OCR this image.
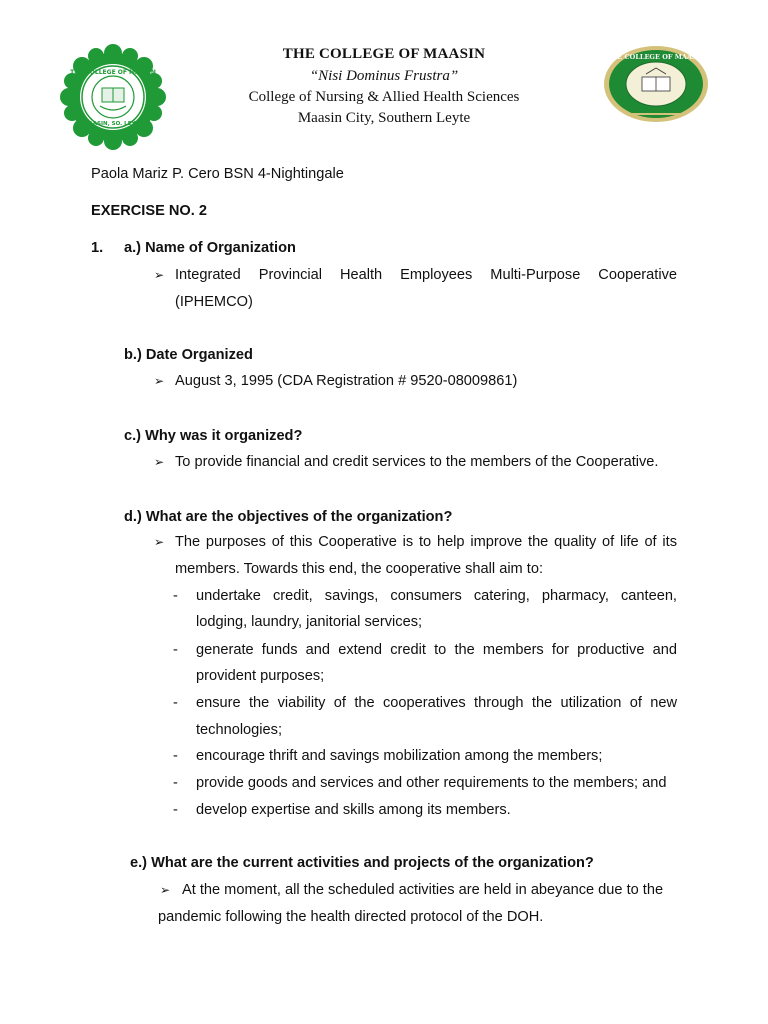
THE COLLEGE OF MAASIN
MAASIN, SO. LEYTE
THE COLLEGE OF MAASIN
“Nisi Dominus Frustra”
College of Nursing & Allied Health Sciences
Maasin City, Southern Leyte
THE COLLEGE OF MAASIN
Paola Mariz P. Cero BSN 4-Nightingale
EXERCISE NO. 2
1. a.) Name of Organization
➢ Integrated Provincial Health Employees Multi-Purpose Cooperative
(IPHEMCO)
b.) Date Organized
➢ August 3, 1995 (CDA Registration # 9520-08009861)
c.) Why was it organized?
➢ To provide financial and credit services to the members of the Cooperative.
d.) What are the objectives of the organization?
➢ The purposes of this Cooperative is to help improve the quality of life of its
members. Towards this end, the cooperative shall aim to:
- undertake credit, savings, consumers catering, pharmacy, canteen,
lodging, laundry, janitorial services;
- generate funds and extend credit to the members for productive and
provident purposes;
- ensure the viability of the cooperatives through the utilization of new
technologies;
- encourage thrift and savings mobilization among the members;
- provide goods and services and other requirements to the members; and
- develop expertise and skills among its members.
e.) What are the current activities and projects of the organization?
➢ At the moment, all the scheduled activities are held in abeyance due to the
pandemic following the health directed protocol of the DOH.
